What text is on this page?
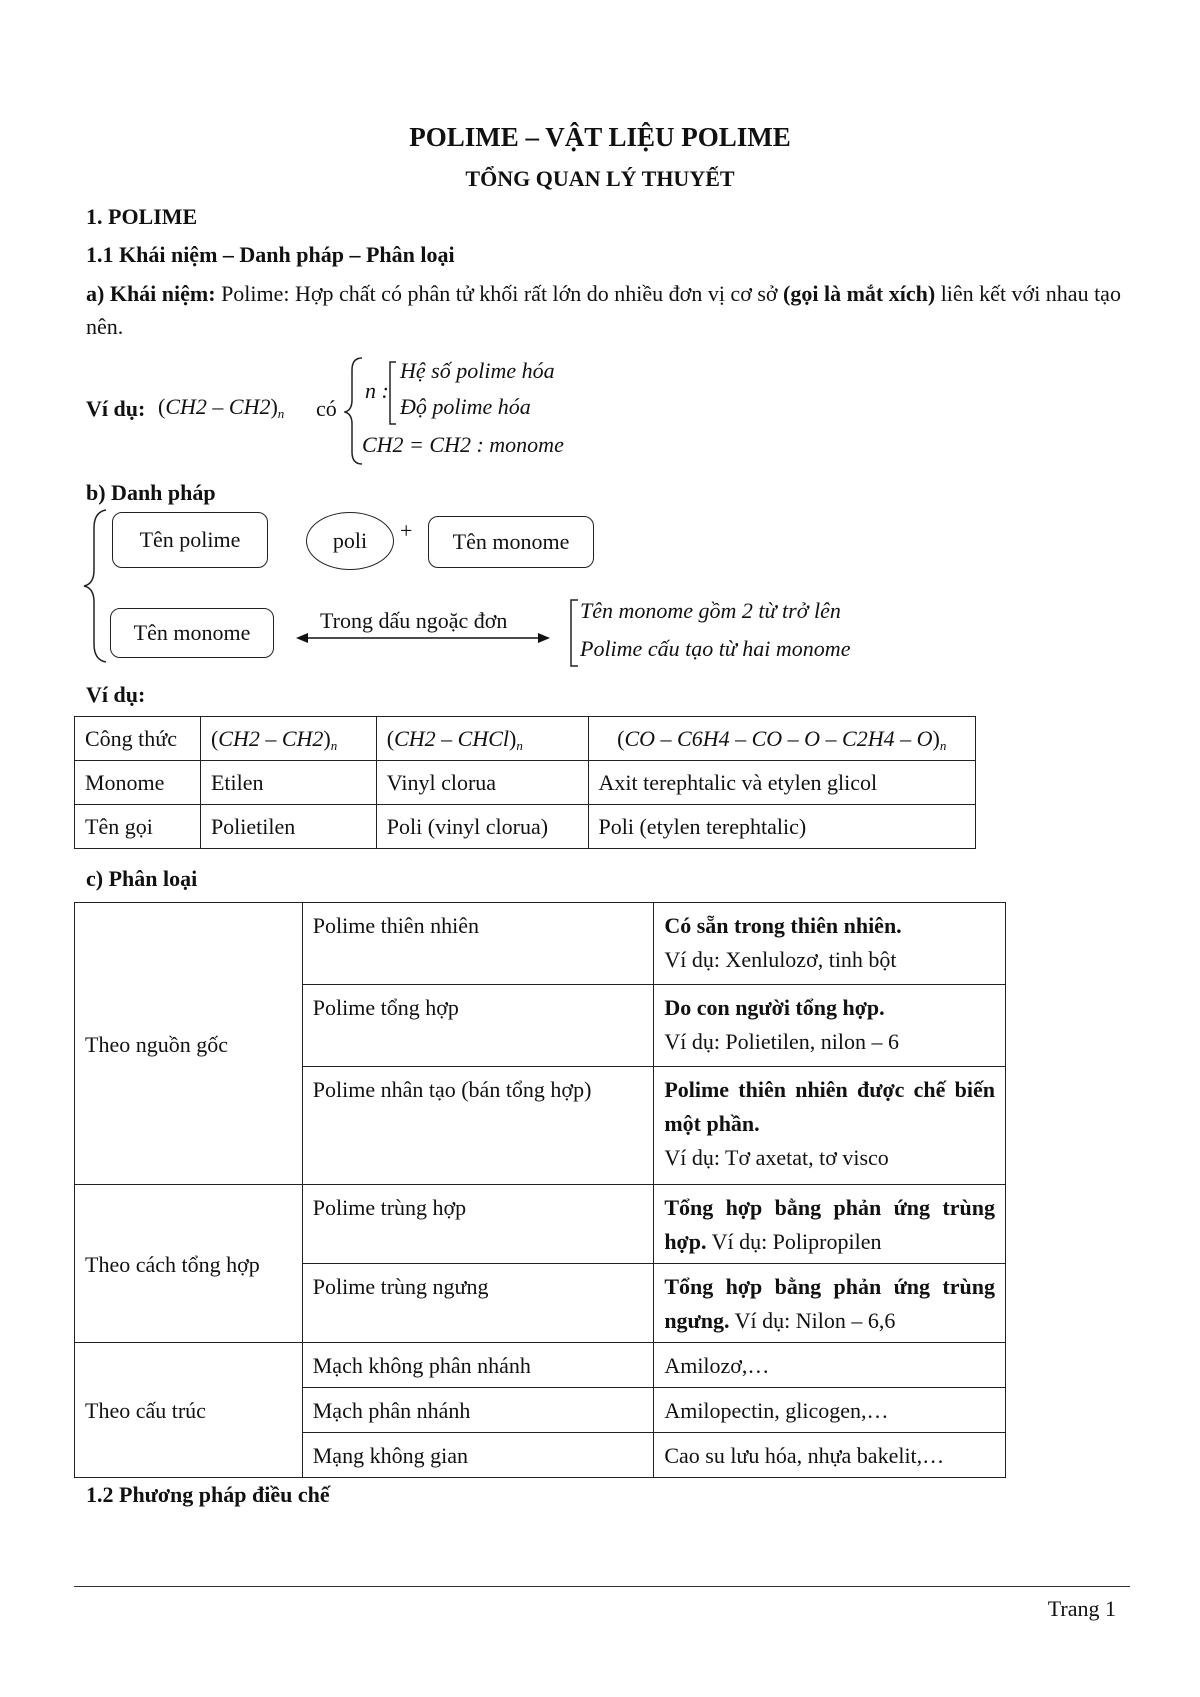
POLIME – VẬT LIỆU POLIME
TỔNG QUAN LÝ THUYẾT
1. POLIME
1.1 Khái niệm – Danh pháp – Phân loại
a) Khái niệm: Polime: Hợp chất có phân tử khối rất lớn do nhiều đơn vị cơ sở (gọi là mắt xích) liên kết với nhau tạo nên.
Ví dụ: $(CH2 - CH2)_n$ có
n :
Hệ số polime hóa
Độ polime hóa
CH2 = CH2 : monome
b) Danh pháp
Tên polime	poli	+	Tên monome
Tên monome	Trong dấu ngoặc đơn	Tên monome gồm 2 từ trở lên
Polime cấu tạo từ hai monome
Ví dụ:
Công thức	$(CH2 - CH2)_n$	$(CH2 - CHCl)_n$	(CO – C6H4 – CO – O – $C2H4 - O)_n$
Monome	Etilen	Vinyl clorua	Axit terephtalic và etylen glicol
Tên gọi	Polietilen	Poli (vinyl clorua)	Poli (etylen terephtalic)
c) Phân loại
Theo nguồn gốc	Polime thiên nhiên	Có sẵn trong thiên nhiên.
Ví dụ: Xenlulozơ, tinh bột

	Polime tổng hợp	Do con người tổng hợp.
Ví dụ: Polietilen, nilon – 6

	Polime nhân tạo (bán tổng hợp)	Polime thiên nhiên được chế biến một phần.
Ví dụ: Tơ axetat, tơ visco

Theo cách tổng hợp	Polime trùng hợp	Tổng hợp bằng phản ứng trùng hợp. Ví dụ: Polipropilen
	Polime trùng ngưng	Tổng hợp bằng phản ứng trùng ngưng. Ví dụ: Nilon – 6,6
Theo cấu trúc	Mạch không phân nhánh	Amilozơ,…
	Mạch phân nhánh	Amilopectin, glicogen,…
	Mạng không gian	Cao su lưu hóa, nhựa bakelit,…
1.2 Phương pháp điều chế
Trang 1
